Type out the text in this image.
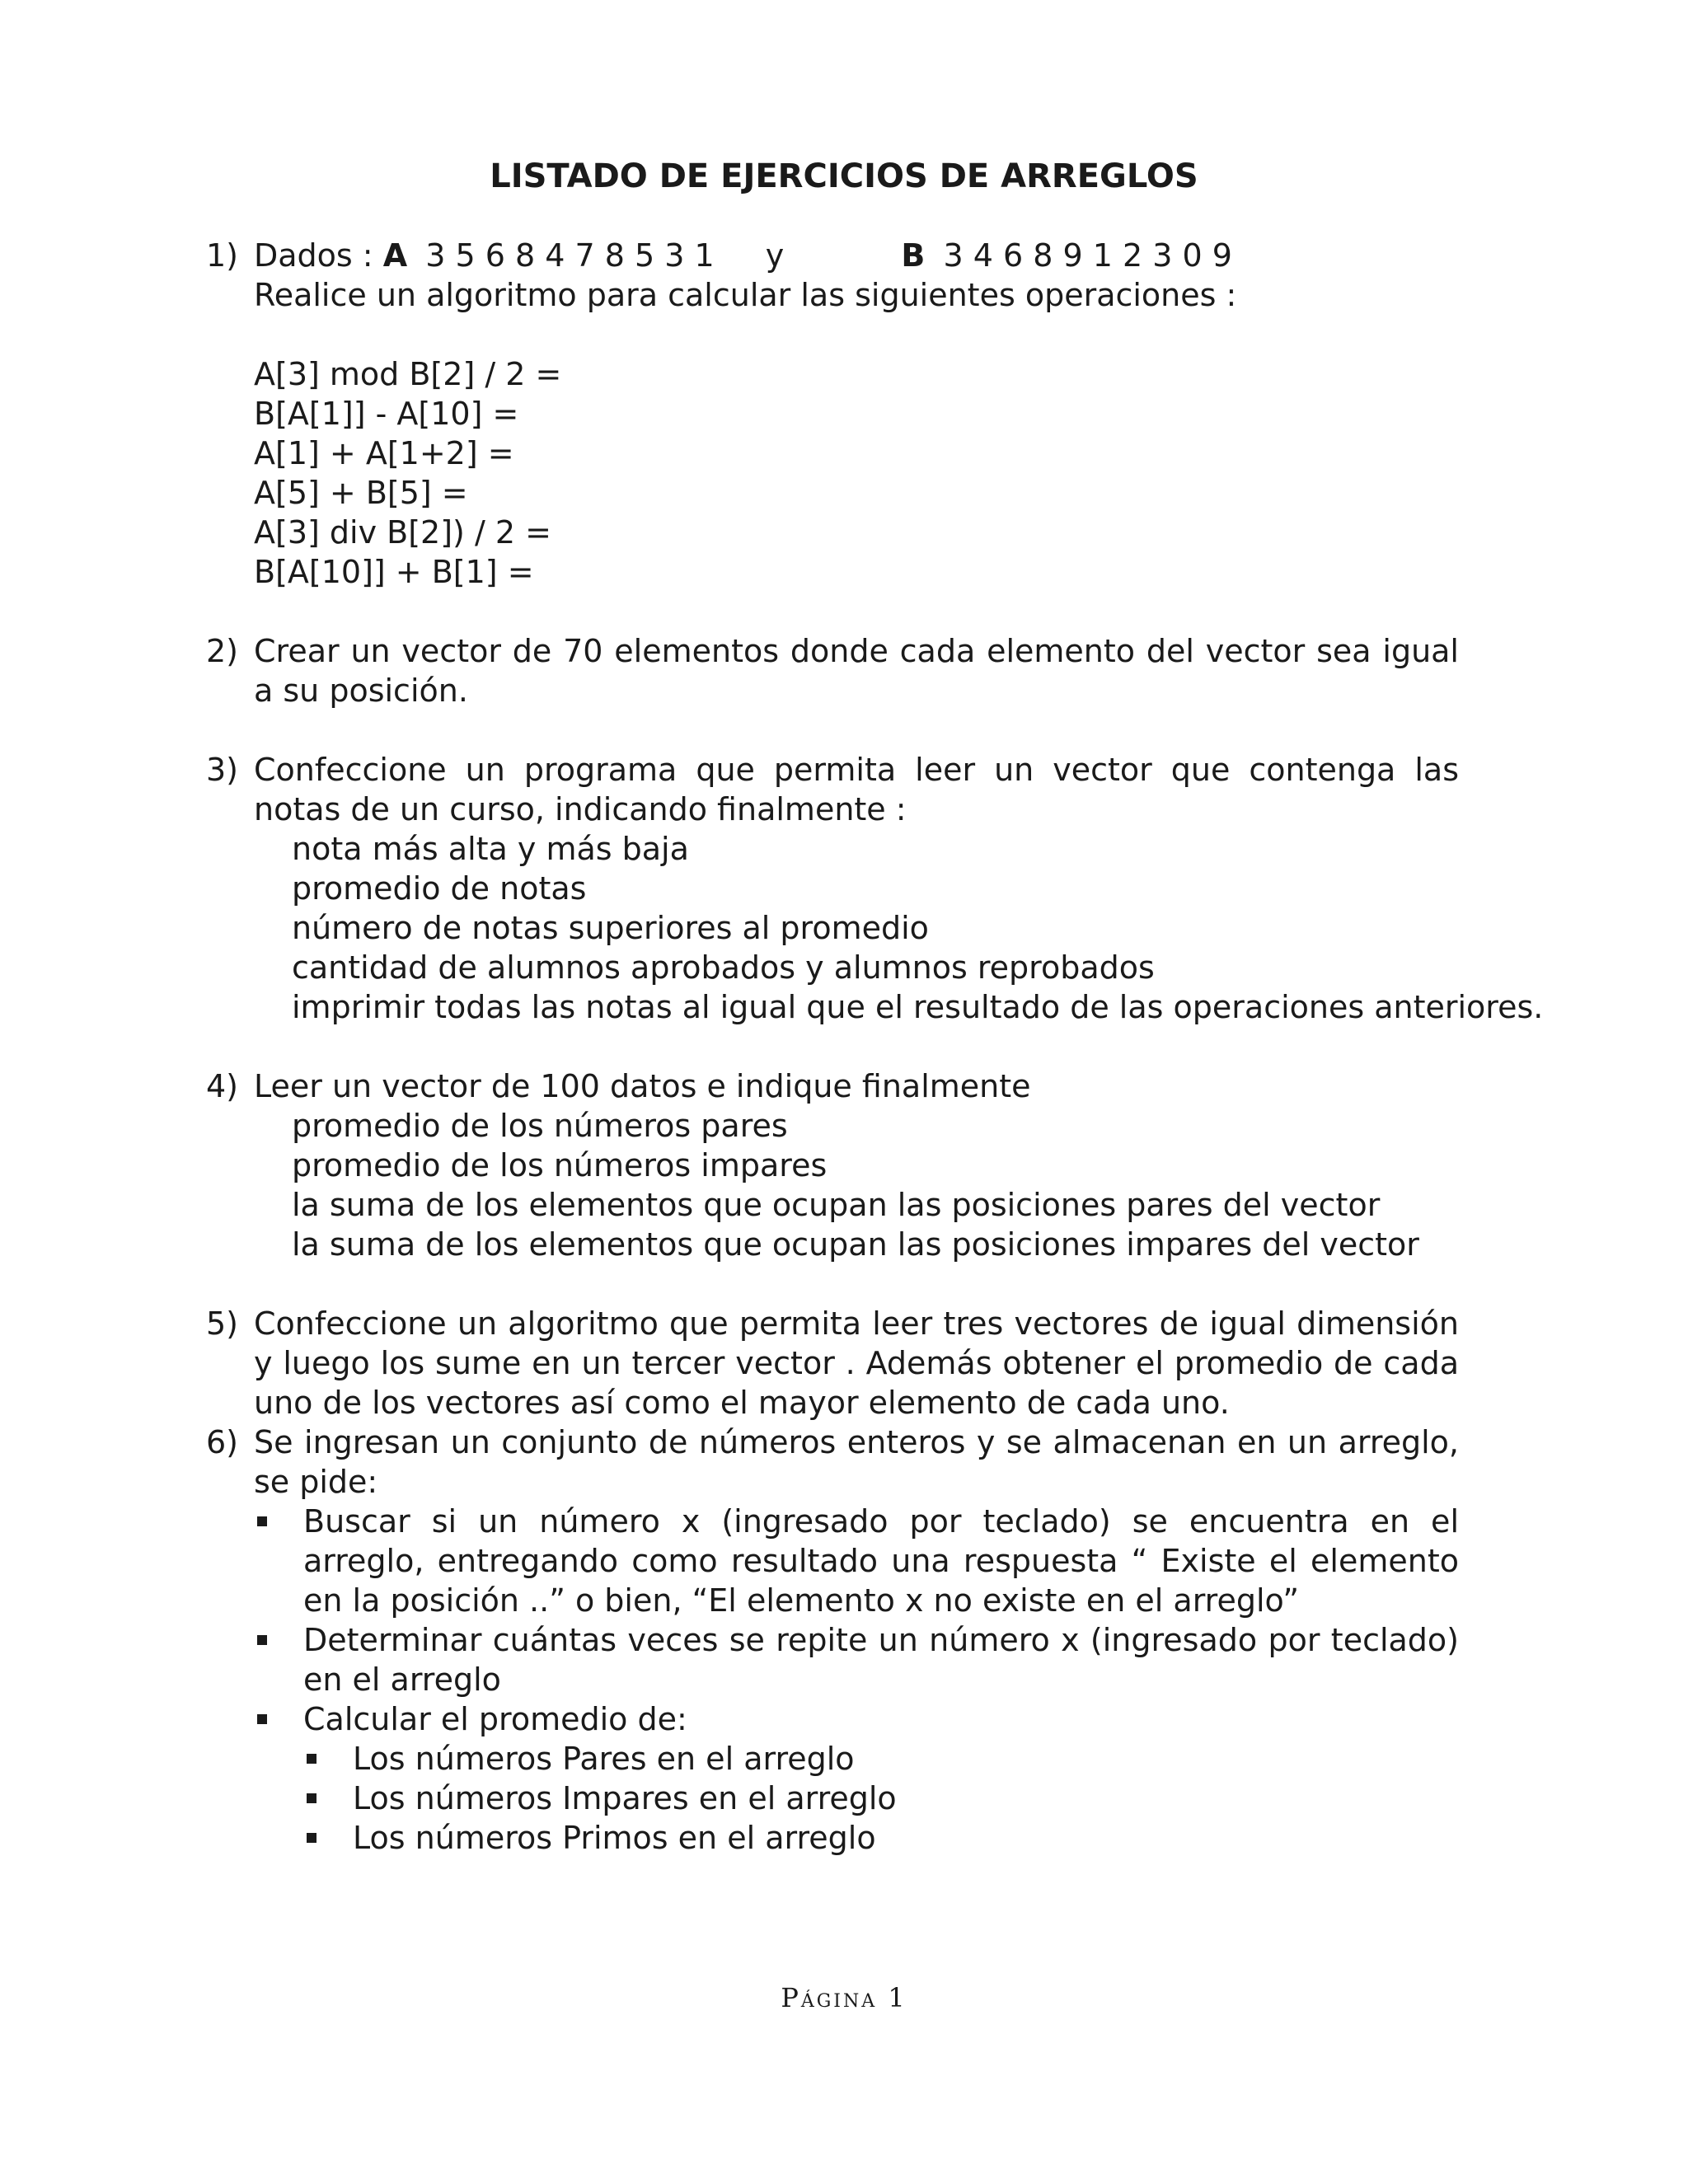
LISTADO DE EJERCICIOS DE ARREGLOS
1) Dados : A 3 5 6 8 4 7 8 5 3 1 y	B 3 4 6 8 9 1 2 3 0 9
Realice un algoritmo para calcular las siguientes operaciones :
A[3] mod B[2] / 2 =
B[A[1]] - A[10] =
A[1] + A[1+2] =
A[5] + B[5] =
A[3] div B[2]) / 2 =
B[A[10]] + B[1] =
2) Crear un vector de 70 elementos donde cada elemento del vector sea igual a su posición.
3) Confeccione un programa que permita leer un vector que contenga las notas de un curso, indicando finalmente :
nota más alta y más baja
promedio de notas
número de notas superiores al promedio
cantidad de alumnos aprobados y alumnos reprobados
imprimir todas las notas al igual que el resultado de las operaciones anteriores.
4) Leer un vector de 100 datos e indique finalmente
promedio de los números pares
promedio de los números impares
la suma de los elementos que ocupan las posiciones pares del vector
la suma de los elementos que ocupan las posiciones impares del vector
5) Confeccione un algoritmo que permita leer tres vectores de igual dimensión y luego los sume en un tercer vector . Además obtener el promedio de cada uno de los vectores así como el mayor elemento de cada uno.
6) Se ingresan un conjunto de números enteros y se almacenan en un arreglo, se pide:
Buscar si un número x (ingresado por teclado) se encuentra en el arreglo, entregando como resultado una respuesta “ Existe el elemento en la posición ..” o bien, “El elemento x no existe en el arreglo”
Determinar cuántas veces se repite un número x (ingresado por teclado) en el arreglo
Calcular el promedio de:
Los números Pares en el arreglo
Los números Impares en el arreglo
Los números Primos en el arreglo
Página 1
